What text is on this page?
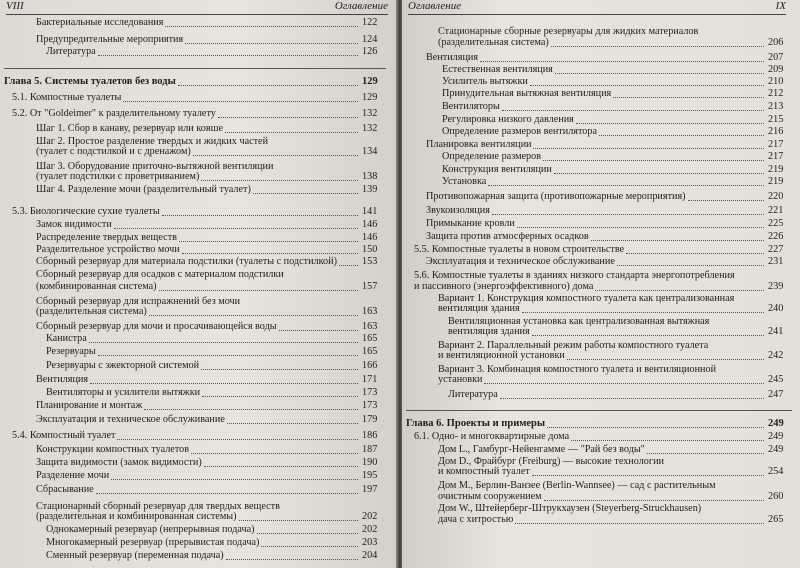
VIII	Оглавление
Бактериальные исследования	122
Предупредительные мероприятия	124
Литература	126
Глава 5. Системы туалетов без воды	129
5.1. Компостные туалеты	129
5.2. От "Goldeimer" к разделительному туалету	132
Шаг 1. Сбор в канаву, резервуар или ковше	132
Шаг 2. Простое разделение твердых и жидких частей
(туалет с подстилкой и с дренажом)	134
Шаг 3. Оборудование приточно-вытяжной вентиляции
(туалет подстилки с проветриванием)	138
Шаг 4. Разделение мочи (разделительный туалет)	139
5.3. Биологические сухие туалеты	141
Замок видимости	146
Распределение твердых веществ	146
Разделительное устройство мочи	150
Сборный резервуар для материала подстилки (туалеты с подстилкой) 153
Сборный резервуар для осадков с материалом подстилки
(комбинированная система)	157
Сборный резервуар для испражнений без мочи
(разделительная система)	163
Сборный резервуар для мочи и просачивающейся воды	163
Канистра	165
Резервуары	165
Резервуары с эжекторной системой	166
Вентиляция	171
Вентиляторы и усилители вытяжки	173
Планирование и монтаж	173
Эксплуатация и техническое обслуживание	179
5.4. Компостный туалет	186
Конструкции компостных туалетов	187
Защита видимости (замок видимости)	190
Разделение мочи	195
Сбрасывание	197
Стационарный сборный резервуар для твердых веществ
(разделительная и комбинированная системы)	202
Однокамерный резервуар (непрерывная подача)	202
Многокамерный резервуар (прерывистая подача)	203
Сменный резервуар (переменная подача)	204
Оглавление	IX
Стационарные сборные резервуары для жидких материалов
(разделительная система)	206
Вентиляция	207
Естественная вентиляция	209
Усилитель вытяжки	210
Принудительная вытяжная вентиляция	212
Вентиляторы	213
Регулировка низкого давления	215
Определение размеров вентилятора	216
Планировка вентиляции	217
Определение размеров	217
Конструкция вентиляции	219
Установка	219
Противопожарная защита (противопожарные мероприятия)	220
Звукоизоляция	221
Примыкание кровли	225
Защита против атмосферных осадков	226
5.5. Компостные туалеты в новом строительстве	227
Эксплуатация и техническое обслуживание	231
5.6. Компостные туалеты в зданиях низкого стандарта энергопотребления
и пассивного (энергоэффективного) дома	239
Вариант 1. Конструкция компостного туалета как централизованная
вентиляция здания	240
Вентиляционная установка как централизованная вытяжная
вентиляция здания	241
Вариант 2. Параллельный режим работы компостного туалета
и вентиляционной установки	242
Вариант 3. Комбинация компостного туалета и вентиляционной
установки	245
Литература	247
Глава 6. Проекты и примеры	249
6.1. Одно- и многоквартирные дома	249
Дом L., Гамбург-Нейенгамме — "Рай без воды"	249
Дом D., Фрайбург (Freiburg) — высокие технологии
и компостный туалет	254
Дом М., Берлин-Ванзее (Berlin-Wannsee) — сад с растительным
очистным сооружением	260
Дом W., Штейерберг-Штрукхаузен (Steyerberg-Struckhausen)
дача с хитростью	265
